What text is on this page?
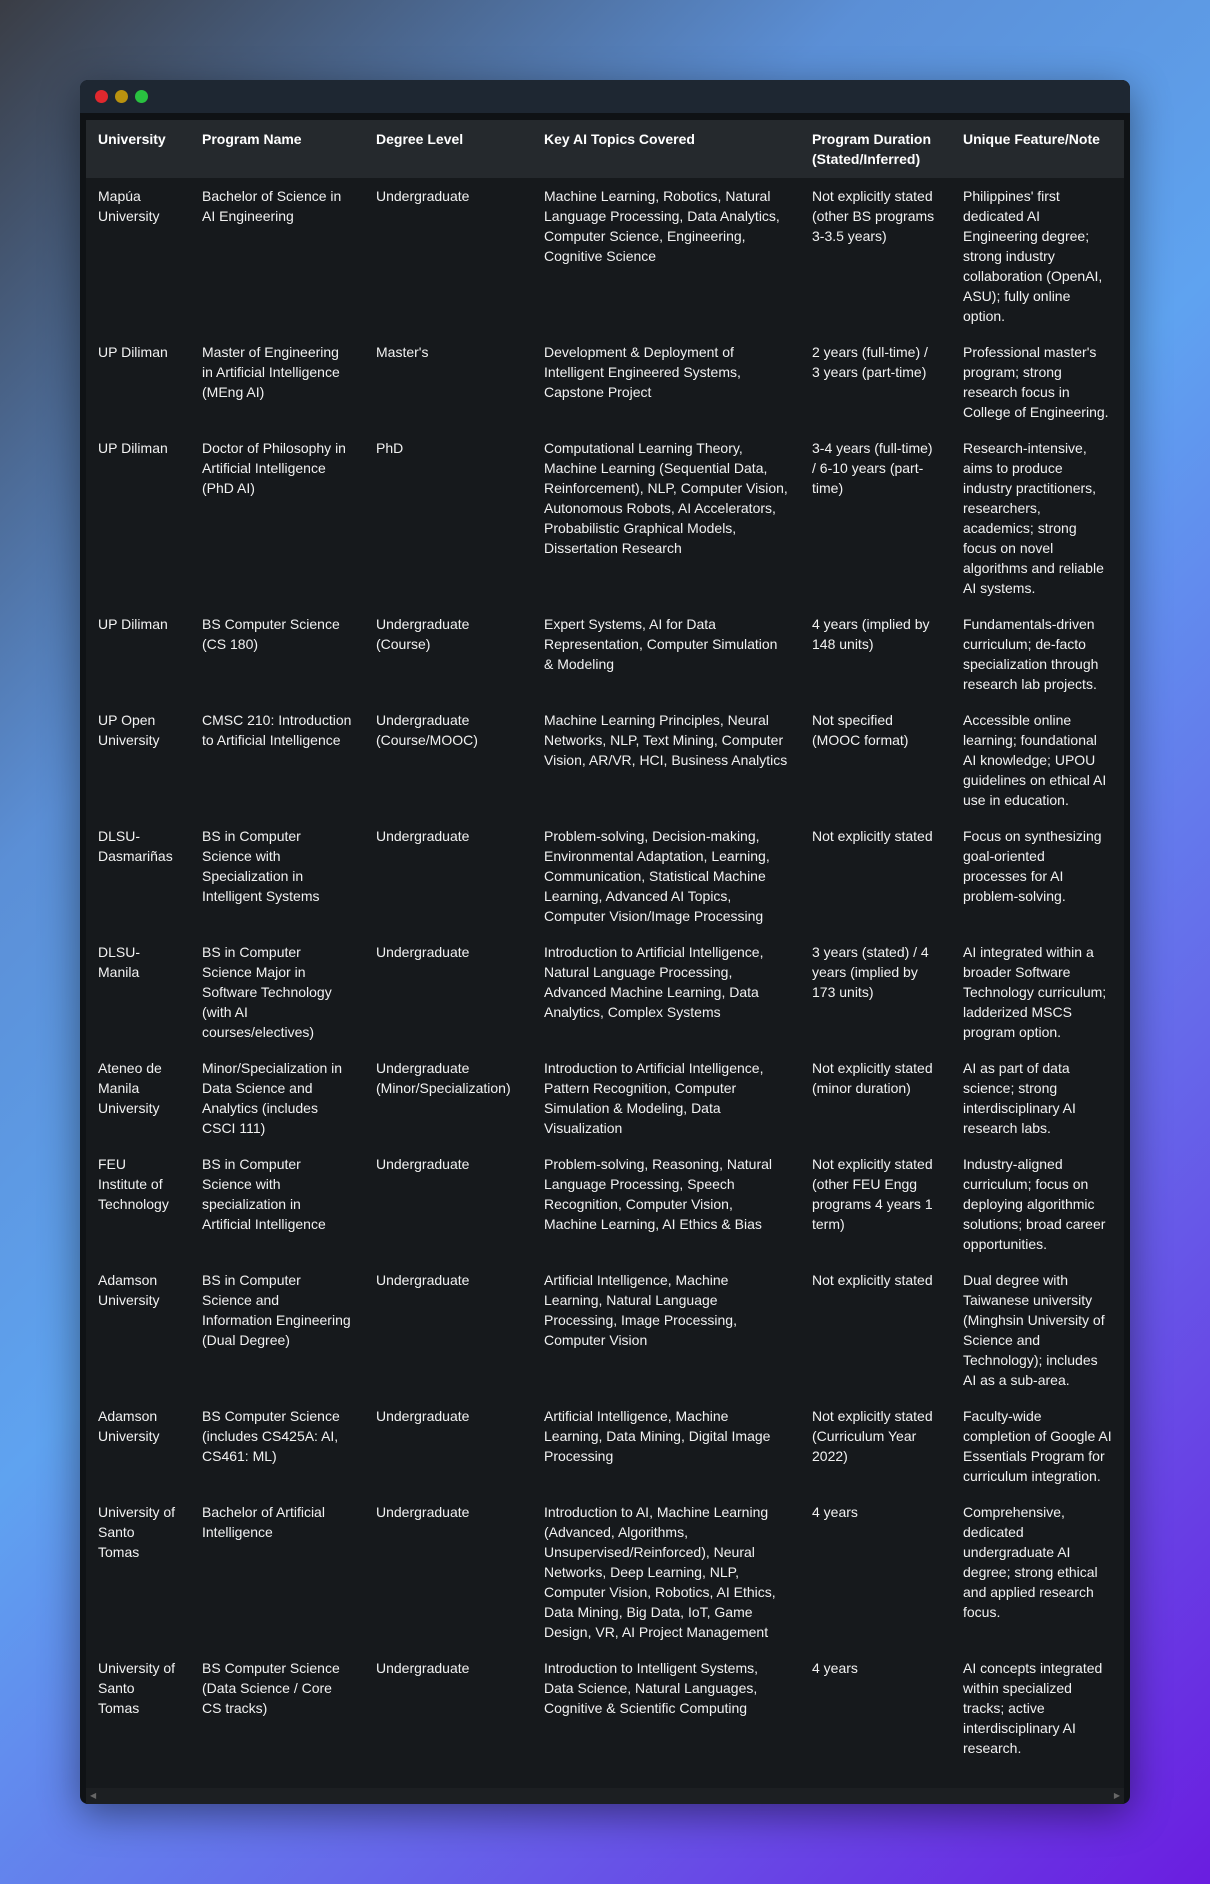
University	Program Name	Degree Level	Key AI Topics Covered	Program Duration (Stated/Inferred)	Unique Feature/Note
Mapúa University	Bachelor of Science in AI Engineering	Undergraduate	Machine Learning, Robotics, Natural Language Processing, Data Analytics, Computer Science, Engineering, Cognitive Science	Not explicitly stated (other BS programs 3-3.5 years)	Philippines' first dedicated AI Engineering degree; strong industry collaboration (OpenAI, ASU); fully online option.
UP Diliman	Master of Engineering in Artificial Intelligence (MEng AI)	Master's	Development & Deployment of Intelligent Engineered Systems, Capstone Project	2 years (full-time) / 3 years (part-time)	Professional master's program; strong research focus in College of Engineering.
UP Diliman	Doctor of Philosophy in Artificial Intelligence (PhD AI)	PhD	Computational Learning Theory, Machine Learning (Sequential Data, Reinforcement), NLP, Computer Vision, Autonomous Robots, AI Accelerators, Probabilistic Graphical Models, Dissertation Research	3-4 years (full-time) / 6-10 years (part-time)	Research-intensive, aims to produce industry practitioners, researchers, academics; strong focus on novel algorithms and reliable AI systems.
UP Diliman	BS Computer Science (CS 180)	Undergraduate (Course)	Expert Systems, AI for Data Representation, Computer Simulation & Modeling	4 years (implied by 148 units)	Fundamentals-driven curriculum; de-facto specialization through research lab projects.
UP Open University	CMSC 210: Introduction to Artificial Intelligence	Undergraduate (Course/MOOC)	Machine Learning Principles, Neural Networks, NLP, Text Mining, Computer Vision, AR/VR, HCI, Business Analytics	Not specified (MOOC format)	Accessible online learning; foundational AI knowledge; UPOU guidelines on ethical AI use in education.
DLSU-Dasmariñas	BS in Computer Science with Specialization in Intelligent Systems	Undergraduate	Problem-solving, Decision-making, Environmental Adaptation, Learning, Communication, Statistical Machine Learning, Advanced AI Topics, Computer Vision/Image Processing	Not explicitly stated	Focus on synthesizing goal-oriented processes for AI problem-solving.
DLSU-Manila	BS in Computer Science Major in Software Technology (with AI courses/electives)	Undergraduate	Introduction to Artificial Intelligence, Natural Language Processing, Advanced Machine Learning, Data Analytics, Complex Systems	3 years (stated) / 4 years (implied by 173 units)	AI integrated within a broader Software Technology curriculum; ladderized MSCS program option.
Ateneo de Manila University	Minor/Specialization in Data Science and Analytics (includes CSCI 111)	Undergraduate (Minor/Specialization)	Introduction to Artificial Intelligence, Pattern Recognition, Computer Simulation & Modeling, Data Visualization	Not explicitly stated (minor duration)	AI as part of data science; strong interdisciplinary AI research labs.
FEU Institute of Technology	BS in Computer Science with specialization in Artificial Intelligence	Undergraduate	Problem-solving, Reasoning, Natural Language Processing, Speech Recognition, Computer Vision, Machine Learning, AI Ethics & Bias	Not explicitly stated (other FEU Engg programs 4 years 1 term)	Industry-aligned curriculum; focus on deploying algorithmic solutions; broad career opportunities.
Adamson University	BS in Computer Science and Information Engineering (Dual Degree)	Undergraduate	Artificial Intelligence, Machine Learning, Natural Language Processing, Image Processing, Computer Vision	Not explicitly stated	Dual degree with Taiwanese university (Minghsin University of Science and Technology); includes AI as a sub-area.
Adamson University	BS Computer Science (includes CS425A: AI, CS461: ML)	Undergraduate	Artificial Intelligence, Machine Learning, Data Mining, Digital Image Processing	Not explicitly stated (Curriculum Year 2022)	Faculty-wide completion of Google AI Essentials Program for curriculum integration.
University of Santo Tomas	Bachelor of Artificial Intelligence	Undergraduate	Introduction to AI, Machine Learning (Advanced, Algorithms, Unsupervised/Reinforced), Neural Networks, Deep Learning, NLP, Computer Vision, Robotics, AI Ethics, Data Mining, Big Data, IoT, Game Design, VR, AI Project Management	4 years	Comprehensive, dedicated undergraduate AI degree; strong ethical and applied research focus.
University of Santo Tomas	BS Computer Science (Data Science / Core CS tracks)	Undergraduate	Introduction to Intelligent Systems, Data Science, Natural Languages, Cognitive & Scientific Computing	4 years	AI concepts integrated within specialized tracks; active interdisciplinary AI research.
◀	▶
